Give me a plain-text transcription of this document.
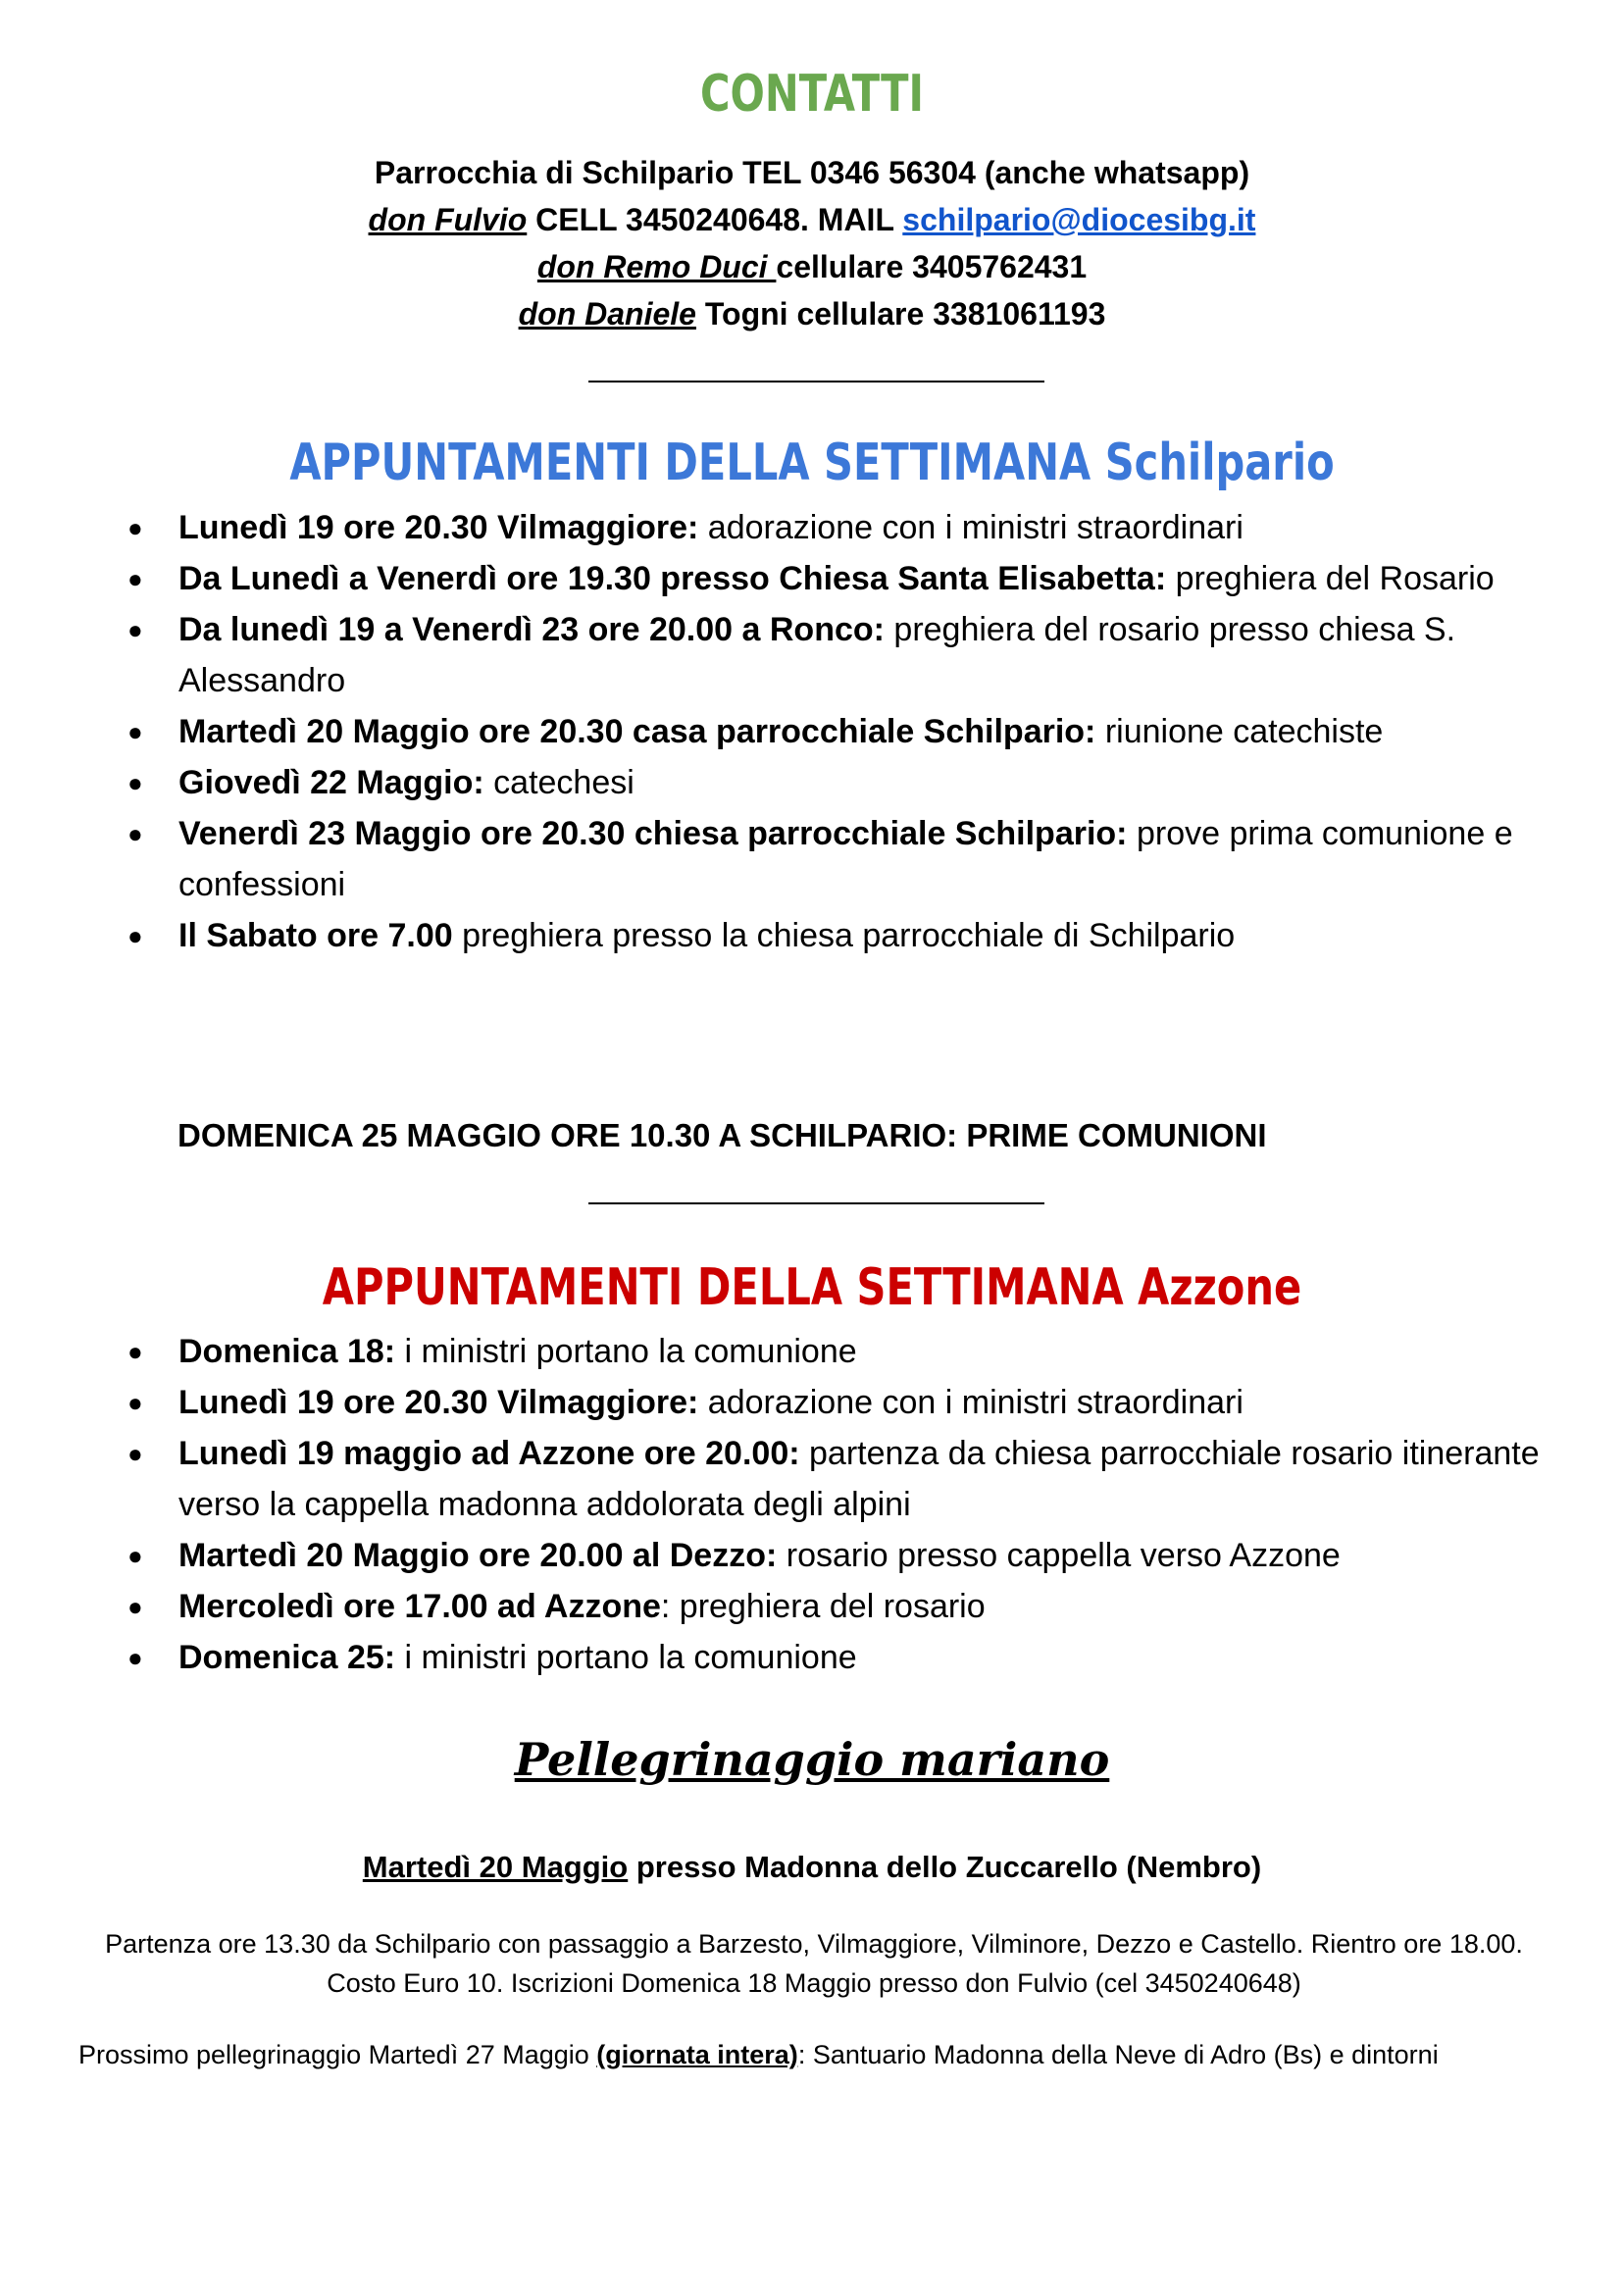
CONTATTI
Parrocchia di Schilpario TEL 0346 56304 (anche whatsapp)
don Fulvio CELL 3450240648. MAIL schilpario@diocesibg.it
don Remo Duci cellulare 3405762431
don Daniele Togni cellulare 3381061193
APPUNTAMENTI DELLA SETTIMANA Schilpario
● Lunedì 19 ore 20.30 Vilmaggiore: adorazione con i ministri straordinari
● Da Lunedì a Venerdì ore 19.30 presso Chiesa Santa Elisabetta: preghiera del Rosario
● Da lunedì 19 a Venerdì 23 ore 20.00 a Ronco: preghiera del rosario presso chiesa S. Alessandro
● Martedì 20 Maggio ore 20.30 casa parrocchiale Schilpario: riunione catechiste
● Giovedì 22 Maggio: catechesi
● Venerdì 23 Maggio ore 20.30 chiesa parrocchiale Schilpario: prove prima comunione e confessioni
● Il Sabato ore 7.00 preghiera presso la chiesa parrocchiale di Schilpario
DOMENICA 25 MAGGIO ORE 10.30 A SCHILPARIO: PRIME COMUNIONI
APPUNTAMENTI DELLA SETTIMANA Azzone
● Domenica 18: i ministri portano la comunione
● Lunedì 19 ore 20.30 Vilmaggiore: adorazione con i ministri straordinari
● Lunedì 19 maggio ad Azzone ore 20.00: partenza da chiesa parrocchiale rosario itinerante verso la cappella madonna addolorata degli alpini
● Martedì 20 Maggio ore 20.00 al Dezzo: rosario presso cappella verso Azzone
● Mercoledì ore 17.00 ad Azzone: preghiera del rosario
● Domenica 25: i ministri portano la comunione
Pellegrinaggio mariano
Martedì 20 Maggio presso Madonna dello Zuccarello (Nembro)
Partenza ore 13.30 da Schilpario con passaggio a Barzesto, Vilmaggiore, Vilminore, Dezzo e Castello. Rientro ore 18.00. Costo Euro 10. Iscrizioni Domenica 18 Maggio presso don Fulvio (cel 3450240648)
Prossimo pellegrinaggio Martedì 27 Maggio (giornata intera): Santuario Madonna della Neve di Adro (Bs) e dintorni
